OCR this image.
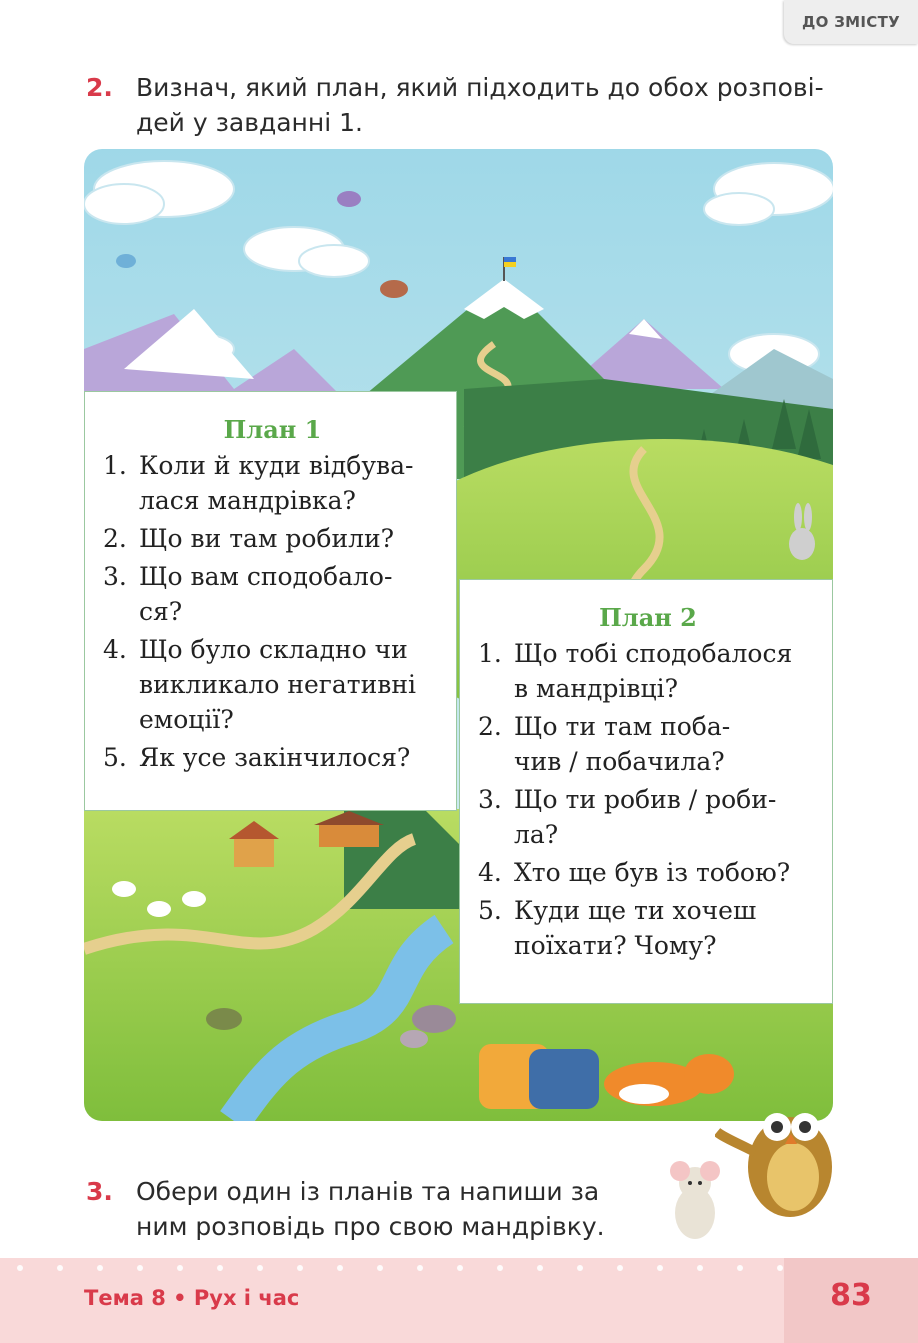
ДО ЗМІСТУ
2. Визнач, який план, який підходить до обох розпові-
дей у завданні 1.
План 1
1. Коли й куди відбува-
лася мандрівка?
2. Що ви там робили?
3. Що вам сподобало-
ся?
4. Що було складно чи
викликало негативні
емоції?
5. Як усе закінчилося?
План 2
1. Що тобі сподобалося
в мандрівці?
2. Що ти там поба-
чив / побачила?
3. Що ти робив / роби-
ла?
4. Хто ще був із тобою?
5. Куди ще ти хочеш
поїхати? Чому?
3. Обери один із планів та напиши за
ним розповідь про свою мандрівку.
Тема 8 • Рух і час	83
